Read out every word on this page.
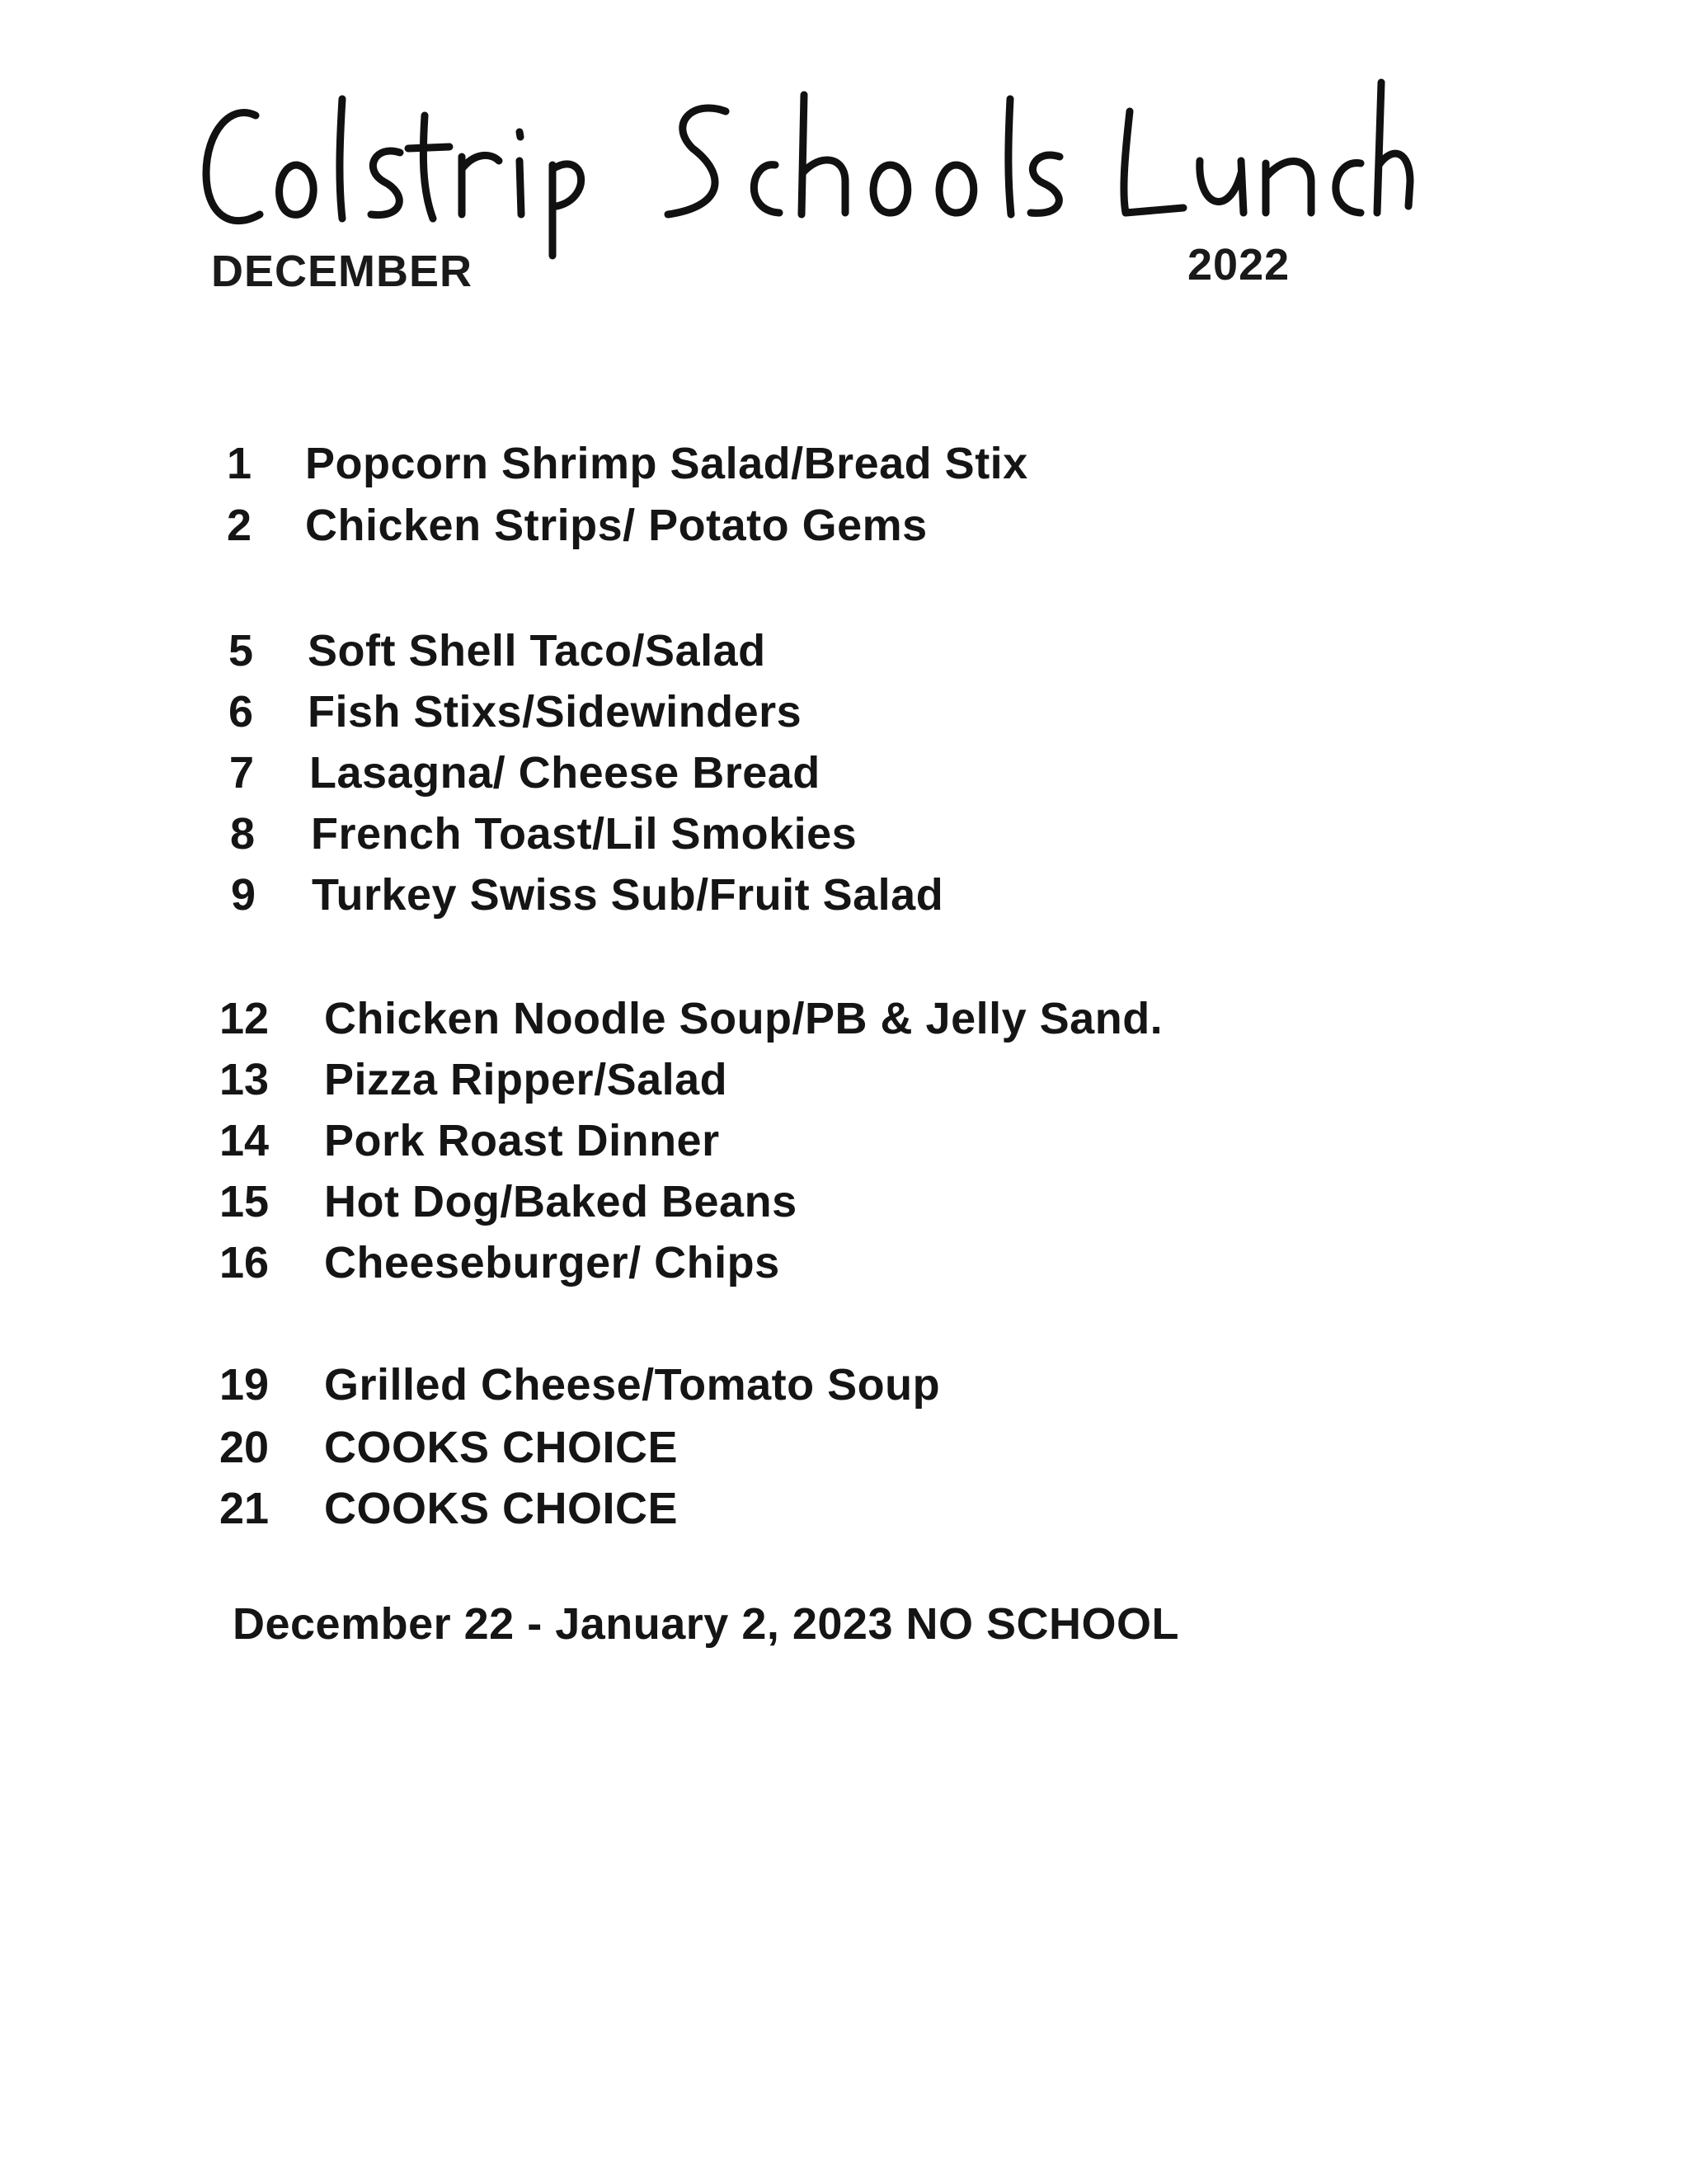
DECEMBER	2022
1 Popcorn Shrimp Salad/Bread Stix
2 Chicken Strips/ Potato Gems
5 Soft Shell Taco/Salad
6 Fish Stixs/Sidewinders
7 Lasagna/ Cheese Bread
8 French Toast/Lil Smokies
9 Turkey Swiss Sub/Fruit Salad
12 Chicken Noodle Soup/PB & Jelly Sand.
13 Pizza Ripper/Salad
14 Pork Roast Dinner
15 Hot Dog/Baked Beans
16 Cheeseburger/ Chips
19 Grilled Cheese/Tomato Soup
20 COOKS CHOICE
21 COOKS CHOICE
December 22 - January 2, 2023 NO SCHOOL
